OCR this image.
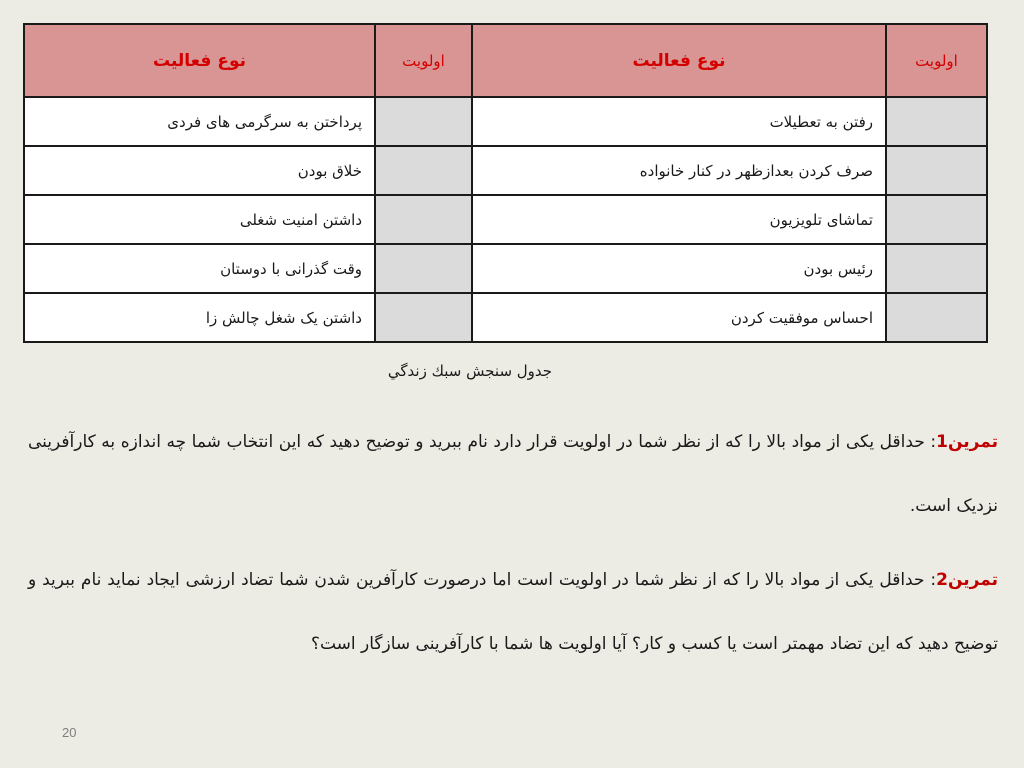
اولویت	نوع فعالیت	اولویت	نوع فعالیت
	رفتن به تعطیلات		پرداختن به سرگرمی های فردی
	صرف کردن بعدازظهر در کنار خانواده		خلاق بودن
	تماشای تلویزیون		داشتن امنیت شغلی
	رئیس بودن		وقت گذرانی با دوستان
	احساس موفقیت کردن		داشتن یک شغل چالش زا
جدول سنجش سبك زندگي
تمرین1: حداقل یکی از مواد بالا را که از نظر شما در اولویت قرار دارد نام ببرید و توضیح دهید که این انتخاب شما چه اندازه به کارآفرینی نزدیک است.
تمرین2: حداقل یکی از مواد بالا را که از نظر شما در اولویت است اما درصورت کارآفرین شدن شما تضاد ارزشی ایجاد نماید نام ببرید و توضیح دهید که این تضاد مهمتر است یا کسب و کار؟ آیا اولویت ها شما با کارآفرینی سازگار است؟
20
